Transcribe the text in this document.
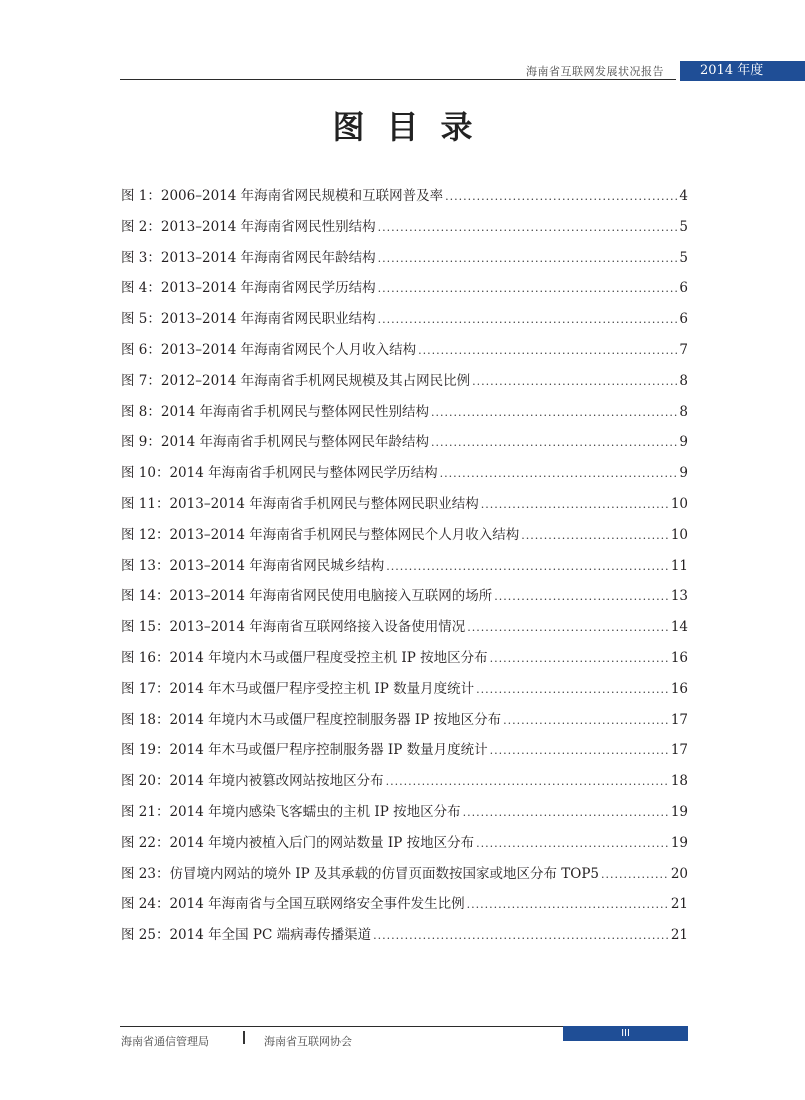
海南省互联网发展状况报告	2014 年度
图目录
图 1：2006–2014 年海南省网民规模和互联网普及率 .....	4
图 2：2013–2014 年海南省网民性别结构 .....	5
图 3：2013–2014 年海南省网民年龄结构 .....	5
图 4：2013–2014 年海南省网民学历结构 .....	6
图 5：2013–2014 年海南省网民职业结构 .....	6
图 6：2013–2014 年海南省网民个人月收入结构 .....	7
图 7：2012–2014 年海南省手机网民规模及其占网民比例 .....	8
图 8：2014 年海南省手机网民与整体网民性别结构 .....	8
图 9：2014 年海南省手机网民与整体网民年龄结构 .....	9
图 10：2014 年海南省手机网民与整体网民学历结构 .....	9
图 11：2013–2014 年海南省手机网民与整体网民职业结构 .....	10
图 12：2013–2014 年海南省手机网民与整体网民个人月收入结构 .....	10
图 13：2013–2014 年海南省网民城乡结构 .....	11
图 14：2013–2014 年海南省网民使用电脑接入互联网的场所 .....	13
图 15：2013–2014 年海南省互联网络接入设备使用情况 .....	14
图 16：2014 年境内木马或僵尸程度受控主机 IP 按地区分布 .....	16
图 17：2014 年木马或僵尸程序受控主机 IP 数量月度统计 .....	16
图 18：2014 年境内木马或僵尸程度控制服务器 IP 按地区分布 .....	17
图 19：2014 年木马或僵尸程序控制服务器 IP 数量月度统计 .....	17
图 20：2014 年境内被篡改网站按地区分布 .....	18
图 21：2014 年境内感染飞客蠕虫的主机 IP 按地区分布 .....	19
图 22：2014 年境内被植入后门的网站数量 IP 按地区分布 .....	19
图 23：仿冒境内网站的境外 IP 及其承载的仿冒页面数按国家或地区分布 TOP5 .....	20
图 24：2014 年海南省与全国互联网络安全事件发生比例 .....	21
图 25：2014 年全国 PC 端病毒传播渠道 .....	21
III
海南省通信管理局	海南省互联网协会
